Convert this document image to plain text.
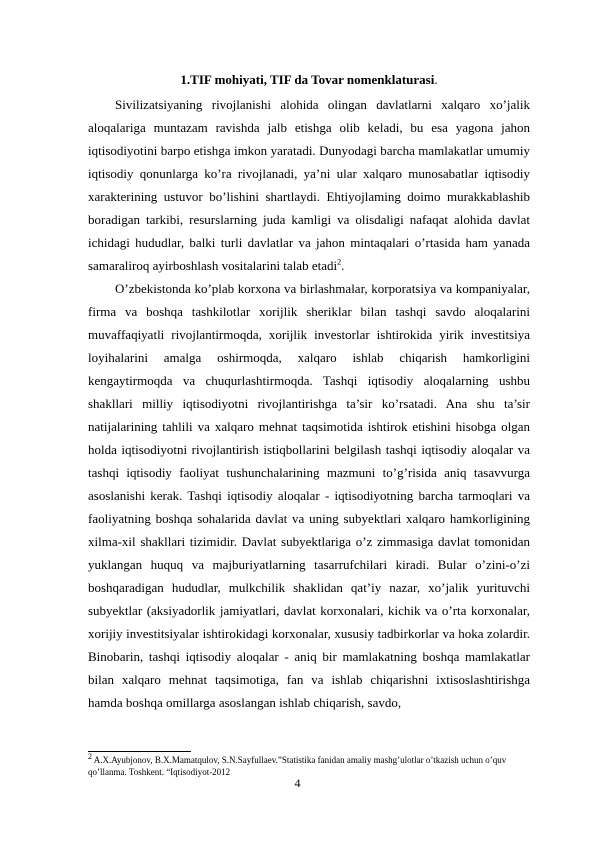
1.TIF mohiyati, TIF da Tovar nomenklaturasi.

Sivilizatsiyaning rivojlanishi alohida olingan davlatlarni xalqaro xo’jalik aloqalariga muntazam ravishda jalb etishga olib keladi, bu esa yagona jahon iqtisodiyotini barpo etishga imkon yaratadi. Dunyodagi barcha mamlakatlar umumiy iqtisodiy qonunlarga ko’ra rivojlanadi, ya’ni ular xalqaro munosabatlar iqtisodiy xarakterining ustuvor bo’lishini shartlaydi. Ehtiyojlaming doimo murakkablashib boradigan tarkibi, resurslarning juda kamligi va olisdaligi nafaqat alohida davlat ichidagi hududlar, balki turli davlatlar va jahon mintaqalari o’rtasida ham yanada samaraliroq ayirboshlash vositalarini talab etadi$^2$.

O’zbekistonda ko’plab korxona va birlashmalar, korporatsiya va kompaniyalar, firma va boshqa tashkilotlar xorijlik sheriklar bilan tashqi savdo aloqalarini muvaffaqiyatli rivojlantirmoqda, xorijlik investorlar ishtirokida yirik investitsiya loyihalarini amalga oshirmoqda, xalqaro ishlab chiqarish hamkorligini kengaytirmoqda va chuqurlashtirmoqda. Tashqi iqtisodiy aloqalarning ushbu shakllari milliy iqtisodiyotni rivojlantirishga ta’sir ko’rsatadi. Ana shu ta’sir natijalarining tahlili va xalqaro mehnat taqsimotida ishtirok etishini hisobga olgan holda iqtisodiyotni rivojlantirish istiqbollarini belgilash tashqi iqtisodiy aloqalar va tashqi iqtisodiy faoliyat tushunchalarining mazmuni to’g’risida aniq tasavvurga asoslanishi kerak. Tashqi iqtisodiy aloqalar - iqtisodiyotning barcha tarmoqlari va faoliyatning boshqa sohalarida davlat va uning subyektlari xalqaro hamkorligining xilma-xil shakllari tizimidir. Davlat subyektlariga o’z zimmasiga davlat tomonidan yuklangan huquq va majburiyatlarning tasarrufchilari kiradi. Bular o’zini-o’zi boshqaradigan hududlar, mulkchilik shaklidan qat’iy nazar, xo’jalik yurituvchi subyektlar (aksiyadorlik jamiyatlari, davlat korxonalari, kichik va o’rta korxonalar, xorijiy investitsiyalar ishtirokidagi korxonalar, xususiy tadbirkorlar va hoka zolardir. Binobarin, tashqi iqtisodiy aloqalar - aniq bir mamlakatning boshqa mamlakatlar bilan xalqaro mehnat taqsimotiga, fan va ishlab chiqarishni ixtisoslashtirishga hamda boshqa omillarga asoslangan ishlab chiqarish, savdo,

$^2$ A.X.Ayubjonov, B.X.Mamatqulov, S.N.Sayfullaev.”Statistika fanidan amaliy mashg’ulotlar o’tkazish uchun o’quv qo’llanma. Toshkent. “Iqtisodiyot-2012
4
